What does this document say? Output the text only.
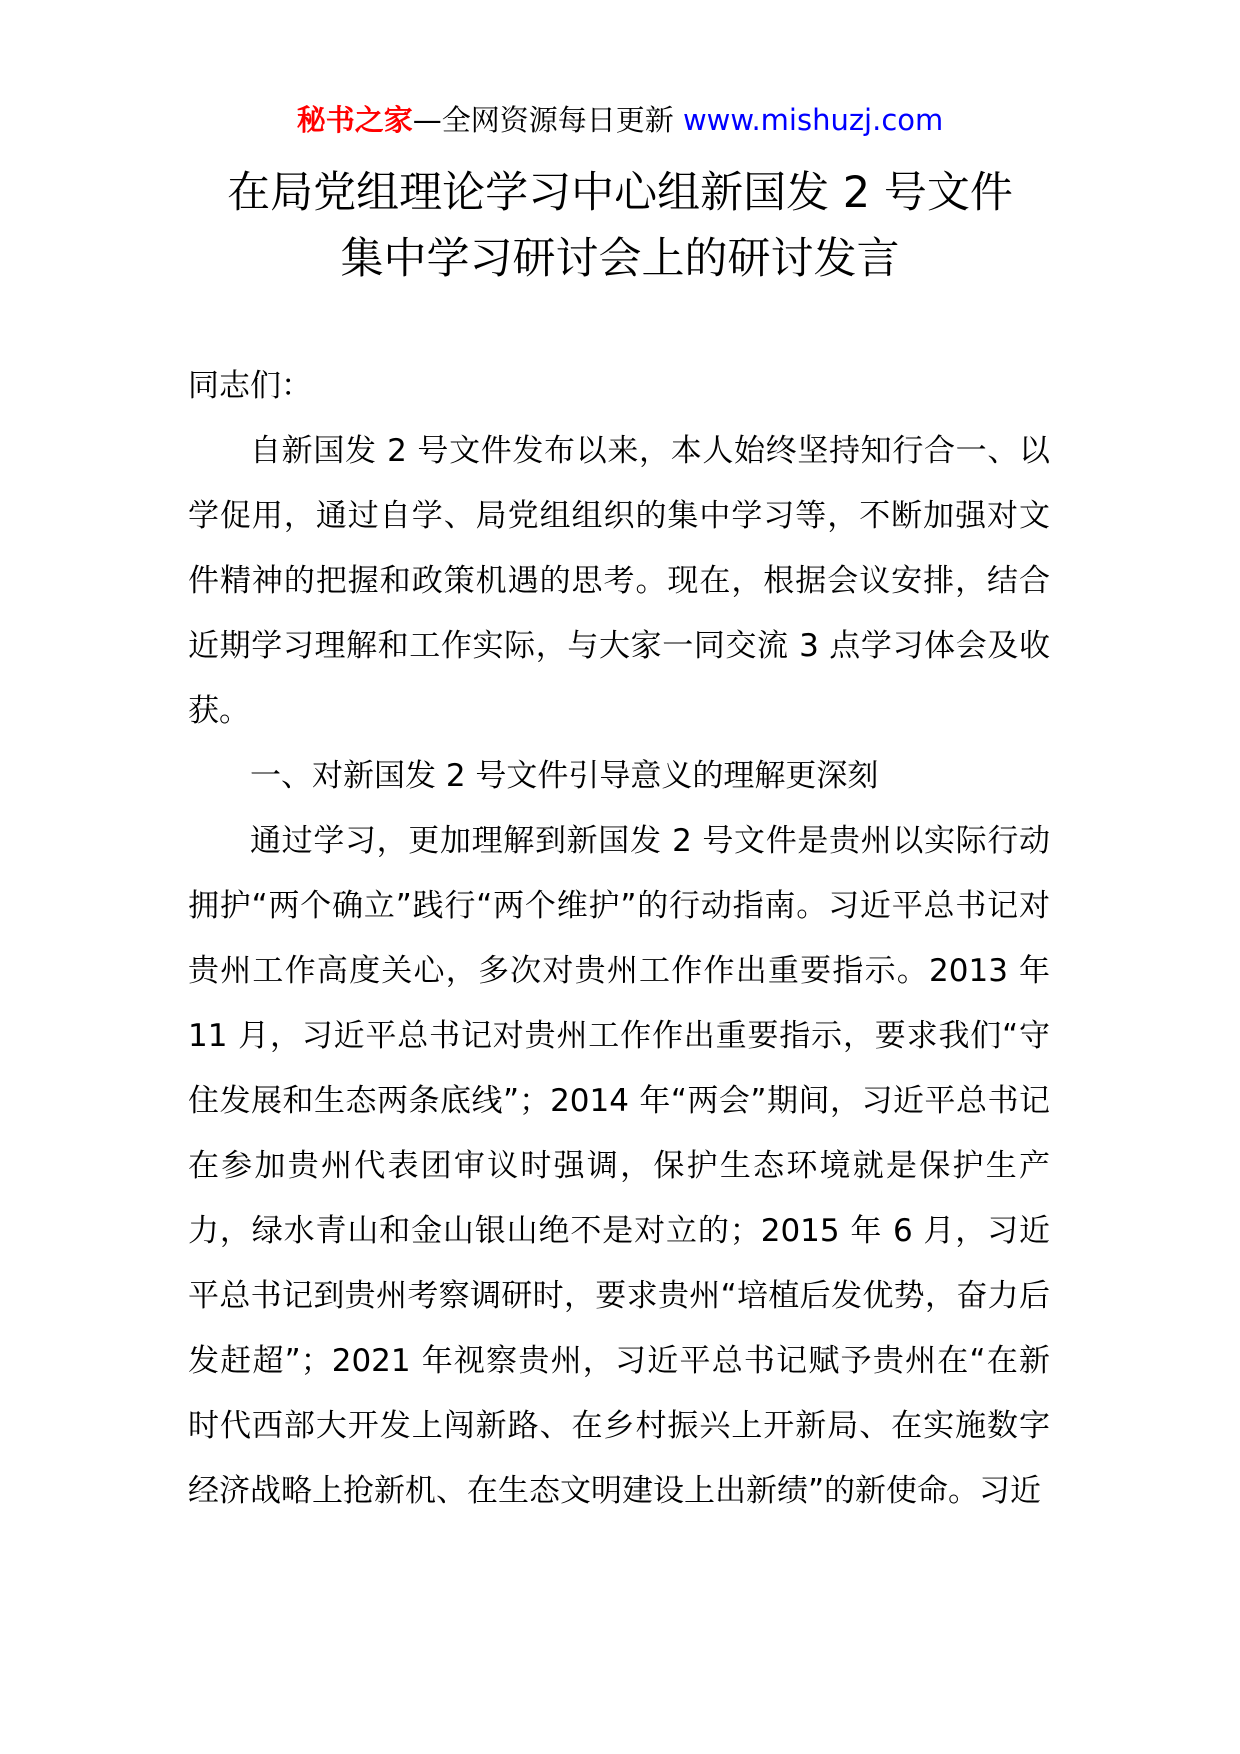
秘书之家—全网资源每日更新 www.mishuzj.com
在局党组理论学习中心组新国发 2 号文件
集中学习研讨会上的研讨发言

同志们：

自新国发 2 号文件发布以来，本人始终坚持知行合一、以学促用，通过自学、局党组组织的集中学习等，不断加强对文件精神的把握和政策机遇的思考。现在，根据会议安排，结合近期学习理解和工作实际，与大家一同交流 3 点学习体会及收获。

一、对新国发 2 号文件引导意义的理解更深刻

通过学习，更加理解到新国发 2 号文件是贵州以实际行动拥护“两个确立”践行“两个维护”的行动指南。习近平总书记对贵州工作高度关心，多次对贵州工作作出重要指示。2013 年 11 月，习近平总书记对贵州工作作出重要指示，要求我们“守住发展和生态两条底线”；2014 年“两会”期间，习近平总书记在参加贵州代表团审议时强调，保护生态环境就是保护生产力，绿水青山和金山银山绝不是对立的；2015 年 6 月，习近平总书记到贵州考察调研时，要求贵州“培植后发优势，奋力后发赶超”；2021 年视察贵州，习近平总书记赋予贵州在“在新时代西部大开发上闯新路、在乡村振兴上开新局、在实施数字经济战略上抢新机、在生态文明建设上出新绩”的新使命。习近
